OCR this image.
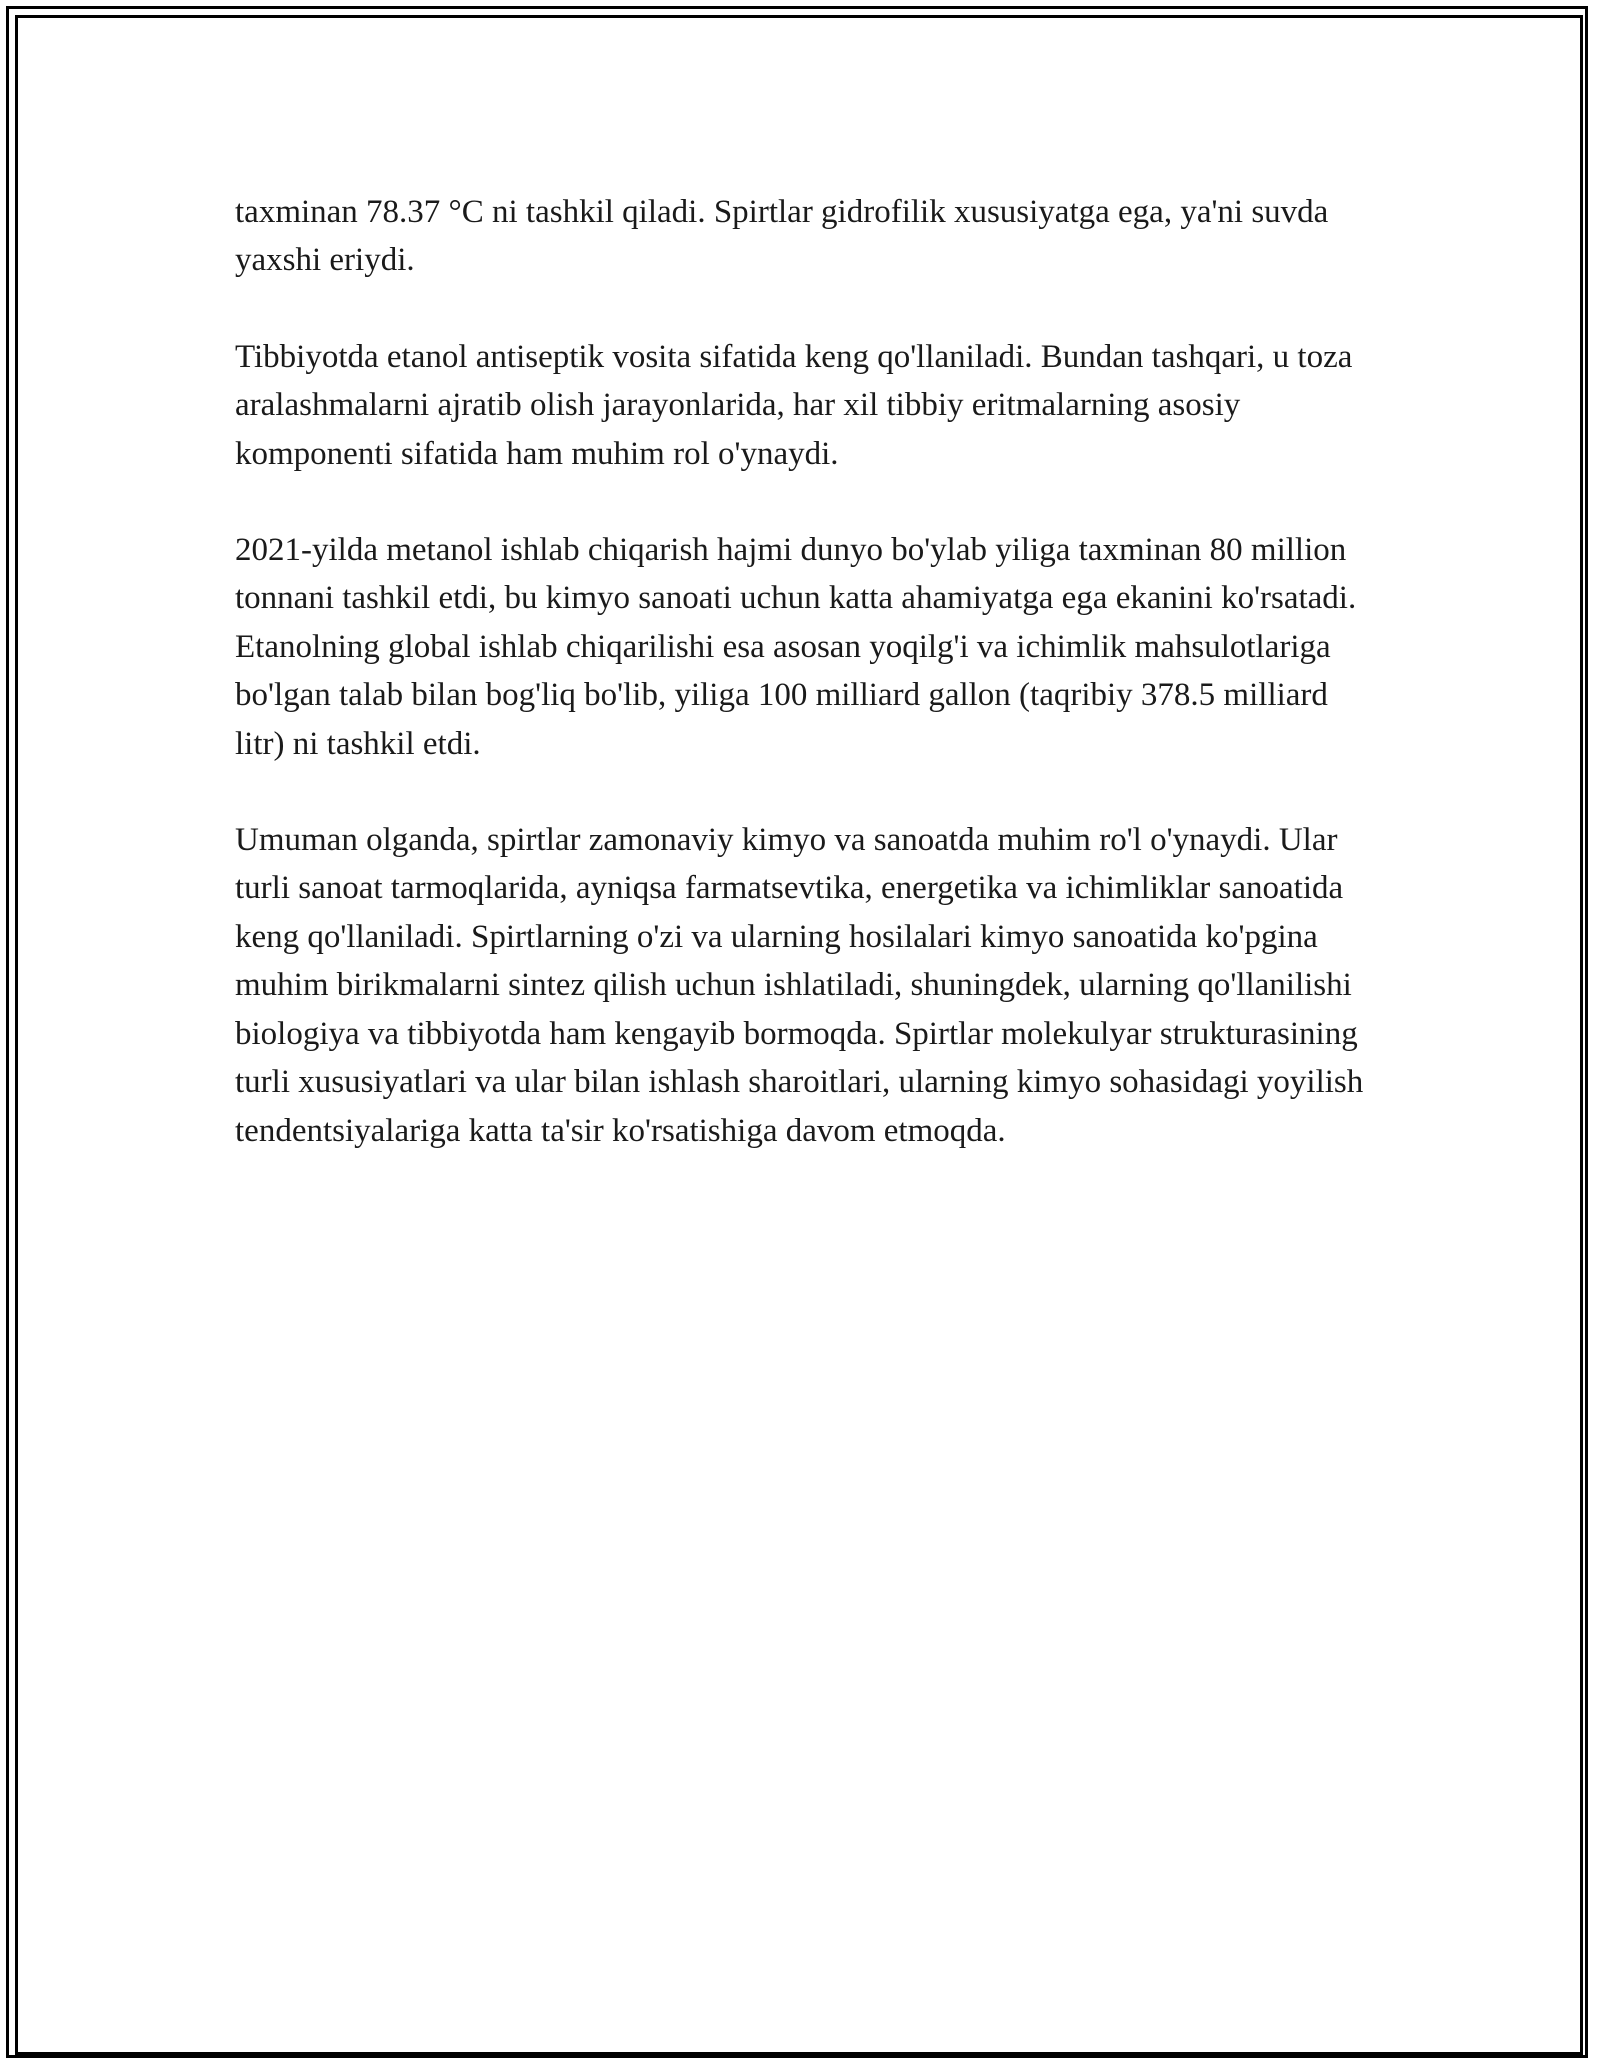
taxminan 78.37 °C ni tashkil qiladi. Spirtlar gidrofilik xususiyatga ega, ya'ni suvda yaxshi eriydi.

Tibbiyotda etanol antiseptik vosita sifatida keng qo'llaniladi. Bundan tashqari, u toza aralashmalarni ajratib olish jarayonlarida, har xil tibbiy eritmalarning asosiy komponenti sifatida ham muhim rol o'ynaydi.

2021-yilda metanol ishlab chiqarish hajmi dunyo bo'ylab yiliga taxminan 80 million tonnani tashkil etdi, bu kimyo sanoati uchun katta ahamiyatga ega ekanini ko'rsatadi. Etanolning global ishlab chiqarilishi esa asosan yoqilg'i va ichimlik mahsulotlariga bo'lgan talab bilan bog'liq bo'lib, yiliga 100 milliard gallon (taqribiy 378.5 milliard litr) ni tashkil etdi.

Umuman olganda, spirtlar zamonaviy kimyo va sanoatda muhim ro'l o'ynaydi. Ular turli sanoat tarmoqlarida, ayniqsa farmatsevtika, energetika va ichimliklar sanoatida keng qo'llaniladi. Spirtlarning o'zi va ularning hosilalari kimyo sanoatida ko'pgina muhim birikmalarni sintez qilish uchun ishlatiladi, shuningdek, ularning qo'llanilishi biologiya va tibbiyotda ham kengayib bormoqda. Spirtlar molekulyar strukturasining turli xususiyatlari va ular bilan ishlash sharoitlari, ularning kimyo sohasidagi yoyilish tendentsiyalariga katta ta'sir ko'rsatishiga davom etmoqda.
